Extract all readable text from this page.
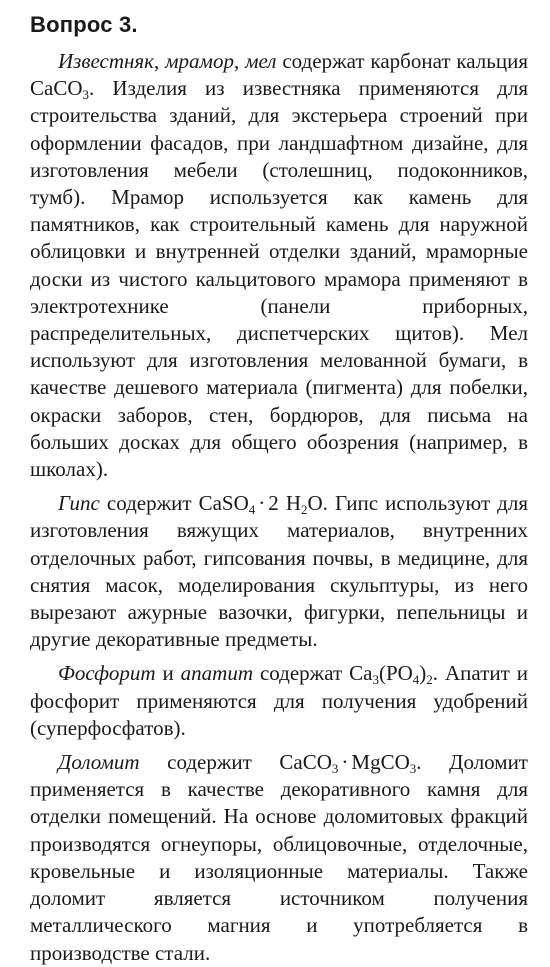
Вопрос 3.

Известняк, мрамор, мел содержат карбонат кальция CaCO$_3$. Изделия из известняка применяются для строительства зданий, для экстерьера строений при оформлении фасадов, при ландшафтном дизайне, для изготовления мебели (столешниц, подоконников, тумб). Мрамор используется как камень для памятников, как строительный камень для наружной облицовки и внутренней отделки зданий, мраморные доски из чистого кальцитового мрамора применяют в электротехнике (панели приборных, распределительных, диспетчерских щитов). Мел используют для изготовления мелованной бумаги, в качестве дешевого материала (пигмента) для побелки, окраски заборов, стен, бордюров, для письма на больших досках для общего обозрения (например, в школах).

Гипс содержит CaSO$_4$ · 2 $H_2O$. Гипс используют для изготовления вяжущих материалов, внутренних отделочных работ, гипсования почвы, в медицине, для снятия масок, моделирования скульптуры, из него вырезают ажурные вазочки, фигурки, пепельницы и другие декоративные предметы.

Фосфорит и апатит содержат $Ca_3(PO_4)_2$. Апатит и фосфорит применяются для получения удобрений (суперфосфатов).

Доломит содержит CaCO$_3$ · MgCO$_3$. Доломит применяется в качестве декоративного камня для отделки помещений. На основе доломитовых фракций производятся огнеупоры, облицовочные, отделочные, кровельные и изоляционные материалы. Также доломит является источником получения металлического магния и употребляется в производстве стали.
